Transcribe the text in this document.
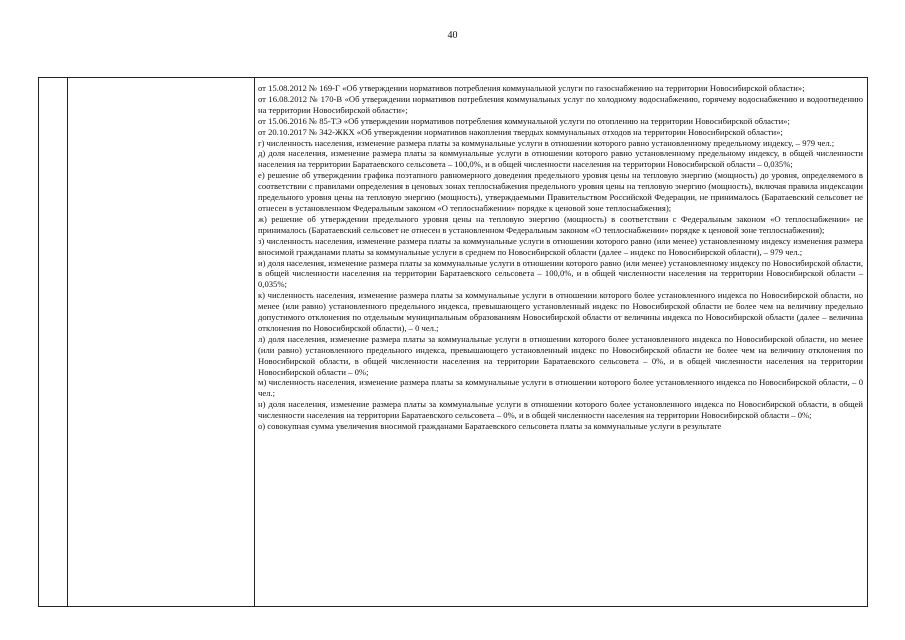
40

от 15.08.2012 № 169-Г «Об утверждении нормативов потребления коммунальной услуги по газоснабжению на территории Новосибирской области»;

от 16.08.2012 № 170-В «Об утверждении нормативов потребления коммунальных услуг по холодному водоснабжению, горячему водоснабжению и водоотведению на территории Новосибирской области»;

от 15.06.2016 № 85-ТЭ «Об утверждении нормативов потребления коммунальной услуги по отоплению на территории Новосибирской области»;

от 20.10.2017 № 342-ЖКХ «Об утверждении нормативов накопления твердых коммунальных отходов на территории Новосибирской области»;

г) численность населения, изменение размера платы за коммунальные услуги в отношении которого равно установленному предельному индексу, – 979 чел.;

д) доля населения, изменение размера платы за коммунальные услуги в отношении которого равно установленному предельному индексу, в общей численности населения на территории Баратаевского сельсовета – 100,0%, и в общей численности населения на территории Новосибирской области – 0,035%;

е) решение об утверждении графика поэтапного равномерного доведения предельного уровня цены на тепловую энергию (мощность) до уровня, определяемого в соответствии с правилами определения в ценовых зонах теплоснабжения предельного уровня цены на тепловую энергию (мощность), включая правила индексации предельного уровня цены на тепловую энергию (мощность), утверждаемыми Правительством Российской Федерации, не принималось (Баратаевский сельсовет не отнесен в установленном Федеральным законом «О теплоснабжении» порядке к ценовой зоне теплоснабжения);

ж) решение об утверждении предельного уровня цены на тепловую энергию (мощность) в соответствии с Федеральным законом «О теплоснабжении» не принималось (Баратаевский сельсовет не отнесен в установленном Федеральным законом «О теплоснабжении» порядке к ценовой зоне теплоснабжения);

з) численность населения, изменение размера платы за коммунальные услуги в отношении которого равно (или менее) установленному индексу изменения размера вносимой гражданами платы за коммунальные услуги в среднем по Новосибирской области (далее – индекс по Новосибирской области), – 979 чел.;

и) доля населения, изменение размера платы за коммунальные услуги в отношении которого равно (или менее) установленному индексу по Новосибирской области, в общей численности населения на территории Баратаевского сельсовета – 100,0%, и в общей численности населения на территории Новосибирской области – 0,035%;

к) численность населения, изменение размера платы за коммунальные услуги в отношении которого более установленного индекса по Новосибирской области, но менее (или равно) установленного предельного индекса, превышающего установленный индекс по Новосибирской области не более чем на величину предельно допустимого отклонения по отдельным муниципальным образованиям Новосибирской области от величины индекса по Новосибирской области (далее – величина отклонения по Новосибирской области), – 0 чел.;

л) доля населения, изменение размера платы за коммунальные услуги в отношении которого более установленного индекса по Новосибирской области, но менее (или равно) установленного предельного индекса, превышающего установленный индекс по Новосибирской области не более чем на величину отклонения по Новосибирской области, в общей численности населения на территории Баратаевского сельсовета – 0%, и в общей численности населения на территории Новосибирской области – 0%;

м) численность населения, изменение размера платы за коммунальные услуги в отношении которого более установленного индекса по Новосибирской области, – 0 чел.;

н) доля населения, изменение размера платы за коммунальные услуги в отношении которого более установленного индекса по Новосибирской области, в общей численности населения на территории Баратаевского сельсовета – 0%, и в общей численности населения на территории Новосибирской области – 0%;

о) совокупная сумма увеличения вносимой гражданами Баратаевского сельсовета платы за коммунальные услуги в результате
